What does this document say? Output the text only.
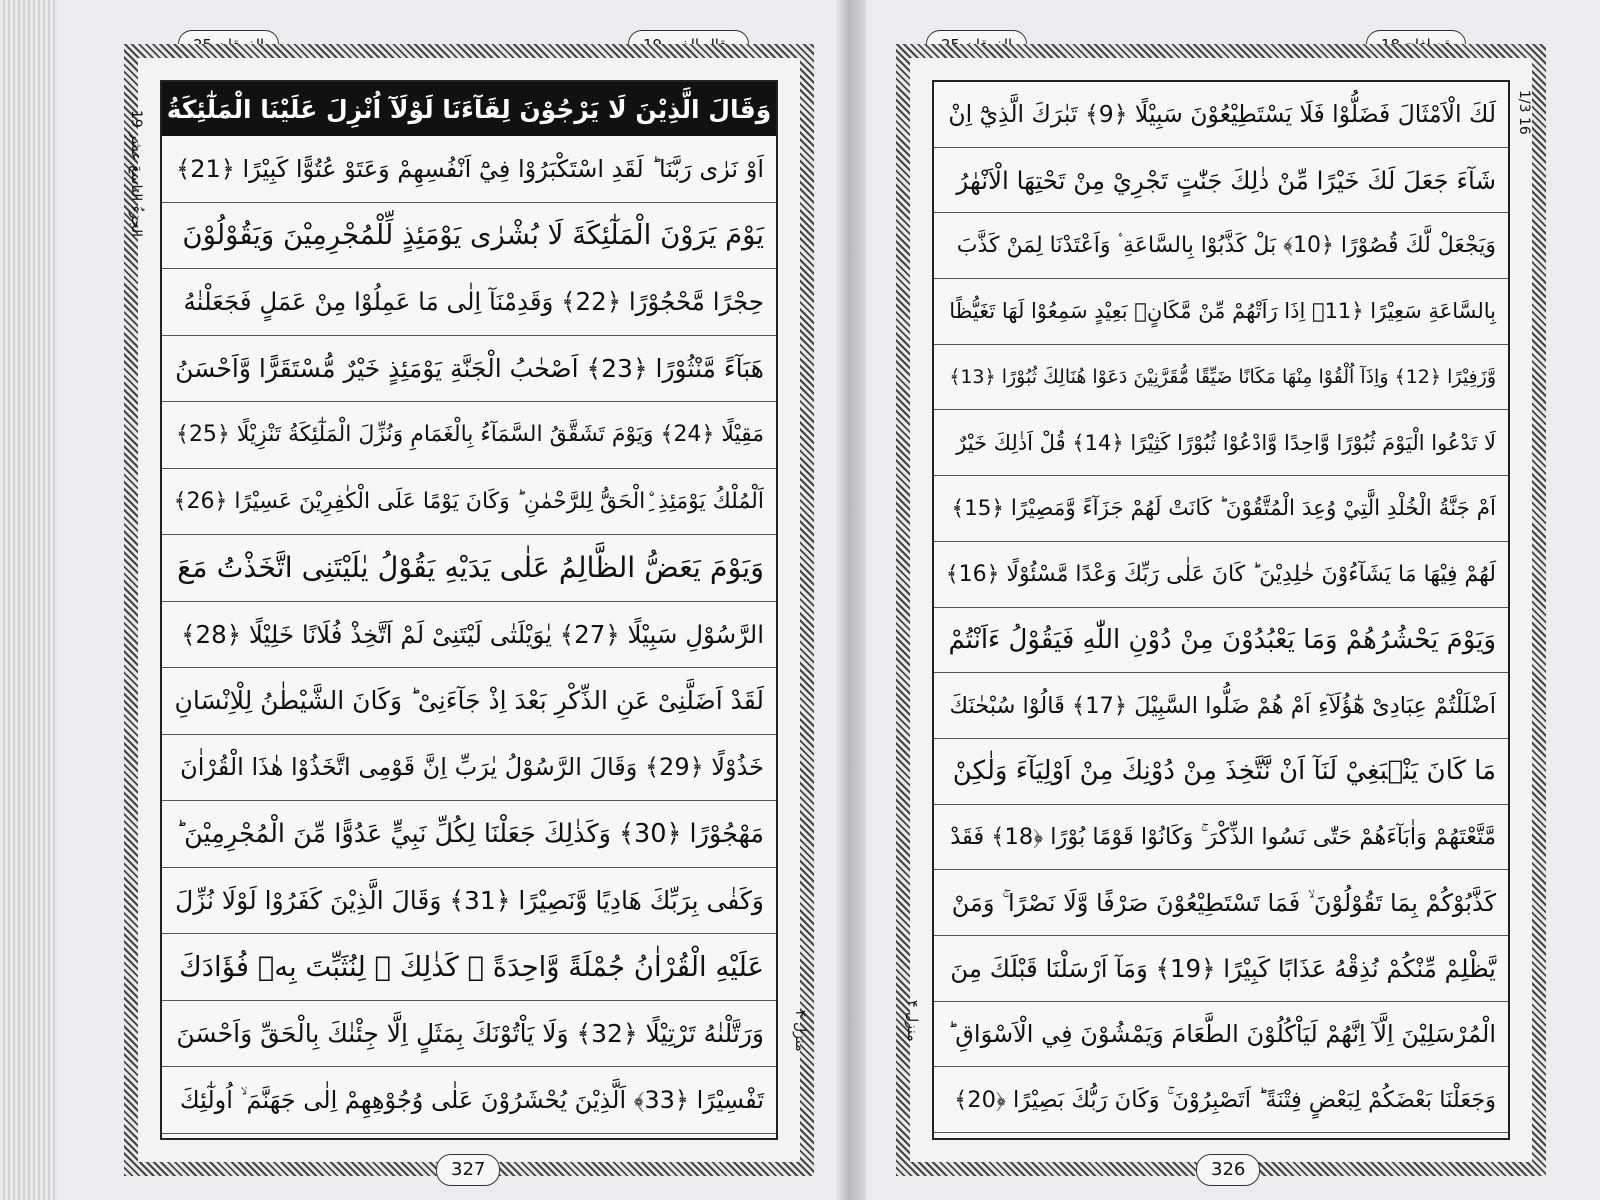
وَقَالَ الَّذِيْنَ لَا يَرْجُوْنَ لِقَآءَنَا لَوْلَآ اُنْزِلَ عَلَيْنَا الْمَلٰٓئِكَةُ
اَوْ نَرٰى رَبَّنَا ؕ لَقَدِ اسْتَكْبَرُوْا فِيْٓ اَنْفُسِهِمْ وَعَتَوْ عُتُوًّا كَبِيْرًا ﴿21﴾
يَوْمَ يَرَوْنَ الْمَلٰٓئِكَةَ لَا بُشْرٰى يَوْمَئِذٍ لِّلْمُجْرِمِيْنَ وَيَقُوْلُوْنَ
حِجْرًا مَّحْجُوْرًا ﴿22﴾ وَقَدِمْنَآ اِلٰى مَا عَمِلُوْا مِنْ عَمَلٍ فَجَعَلْنٰهُ
هَبَآءً مَّنْثُوْرًا ﴿23﴾ اَصْحٰبُ الْجَنَّةِ يَوْمَئِذٍ خَيْرٌ مُّسْتَقَرًّا وَّاَحْسَنُ
مَقِيْلًا ﴿24﴾ وَيَوْمَ تَشَقَّقُ السَّمَآءُ بِالْغَمَامِ وَنُزِّلَ الْمَلٰٓئِكَةُ تَنْزِيْلًا ﴿25﴾
اَلْمُلْكُ يَوْمَئِذِ ِۨالْحَقُّ لِلرَّحْمٰنِ ؕ وَكَانَ يَوْمًا عَلَى الْكٰفِرِيْنَ عَسِيْرًا ﴿26﴾
وَيَوْمَ يَعَضُّ الظَّالِمُ عَلٰى يَدَيْهِ يَقُوْلُ يٰلَيْتَنِى اتَّخَذْتُ مَعَ
الرَّسُوْلِ سَبِيْلًا ﴿27﴾ يٰوَيْلَتٰى لَيْتَنِىْ لَمْ اَتَّخِذْ فُلَانًا خَلِيْلًا ﴿28﴾
لَقَدْ اَضَلَّنِىْ عَنِ الذِّكْرِ بَعْدَ اِذْ جَآءَنِىْ ؕ وَكَانَ الشَّيْطٰنُ لِلْاِنْسَانِ
خَذُوْلًا ﴿29﴾ وَقَالَ الرَّسُوْلُ يٰرَبِّ اِنَّ قَوْمِى اتَّخَذُوْا هٰذَا الْقُرْاٰنَ
مَهْجُوْرًا ﴿30﴾ وَكَذٰلِكَ جَعَلْنَا لِكُلِّ نَبِيٍّ عَدُوًّا مِّنَ الْمُجْرِمِيْنَ ؕ
وَكَفٰى بِرَبِّكَ هَادِيًا وَّنَصِيْرًا ﴿31﴾ وَقَالَ الَّذِيْنَ كَفَرُوْا لَوْلَا نُزِّلَ
عَلَيْهِ الْقُرْاٰنُ جُمْلَةً وَّاحِدَةً ۛ كَذٰلِكَ ۛ لِنُثَبِّتَ بِهٖ فُؤَادَكَ
وَرَتَّلْنٰهُ تَرْتِيْلًا ﴿32﴾ وَلَا يَاْتُوْنَكَ بِمَثَلٍ اِلَّا جِئْنٰكَ بِالْحَقِّ وَاَحْسَنَ
تَفْسِيْرًا ﴿33﴾ اَلَّذِيْنَ يُحْشَرُوْنَ عَلٰى وُجُوْهِهِمْ اِلٰى جَهَنَّمَ ۙ اُولٰٓئِكَ
الجزءُ التاسعَ عشر 19
منزل ۴
327
لَكَ الْاَمْثَالَ فَضَلُّوْا فَلَا يَسْتَطِيْعُوْنَ سَبِيْلًا ﴿9﴾ تَبٰرَكَ الَّذِيْٓ اِنْ
شَآءَ جَعَلَ لَكَ خَيْرًا مِّنْ ذٰلِكَ جَنّٰتٍ تَجْرِيْ مِنْ تَحْتِهَا الْاَنْهٰرُ
وَيَجْعَلْ لَّكَ قُصُوْرًا ﴿10﴾ بَلْ كَذَّبُوْا بِالسَّاعَةِ ۟ وَاَعْتَدْنَا لِمَنْ كَذَّبَ
بِالسَّاعَةِ سَعِيْرًا ﴿11﴾ اِذَا رَاَتْهُمْ مِّنْ مَّكَانٍۢ بَعِيْدٍ سَمِعُوْا لَهَا تَغَيُّظًا
وَّزَفِيْرًا ﴿12﴾ وَاِذَآ اُلْقُوْا مِنْهَا مَكَانًا ضَيِّقًا مُّقَرَّنِيْنَ دَعَوْا هُنَالِكَ ثُبُوْرًا ﴿13﴾
لَا تَدْعُوا الْيَوْمَ ثُبُوْرًا وَّاحِدًا وَّادْعُوْا ثُبُوْرًا كَثِيْرًا ﴿14﴾ قُلْ اَذٰلِكَ خَيْرٌ
اَمْ جَنَّةُ الْخُلْدِ الَّتِيْ وُعِدَ الْمُتَّقُوْنَ ؕ كَانَتْ لَهُمْ جَزَآءً وَّمَصِيْرًا ﴿15﴾
لَهُمْ فِيْهَا مَا يَشَآءُوْنَ خٰلِدِيْنَ ؕ كَانَ عَلٰى رَبِّكَ وَعْدًا مَّسْئُوْلًا ﴿16﴾
وَيَوْمَ يَحْشُرُهُمْ وَمَا يَعْبُدُوْنَ مِنْ دُوْنِ اللّٰهِ فَيَقُوْلُ ءَاَنْتُمْ
اَضْلَلْتُمْ عِبَادِىْ هٰٓؤُلَآءِ اَمْ هُمْ ضَلُّوا السَّبِيْلَ ﴿17﴾ قَالُوْا سُبْحٰنَكَ
مَا كَانَ يَنْۢبَغِيْ لَنَآ اَنْ نَّتَّخِذَ مِنْ دُوْنِكَ مِنْ اَوْلِيَآءَ وَلٰكِنْ
مَّتَّعْتَهُمْ وَاٰبَآءَهُمْ حَتّٰى نَسُوا الذِّكْرَ ۚ وَكَانُوْا قَوْمًا بُوْرًا ﴿18﴾ فَقَدْ
كَذَّبُوْكُمْ بِمَا تَقُوْلُوْنَ ۙ فَمَا تَسْتَطِيْعُوْنَ صَرْفًا وَّلَا نَصْرًا ۚ وَمَنْ
يَّظْلِمْ مِّنْكُمْ نُذِقْهُ عَذَابًا كَبِيْرًا ﴿19﴾ وَمَآ اَرْسَلْنَا قَبْلَكَ مِنَ
الْمُرْسَلِيْنَ اِلَّآ اِنَّهُمْ لَيَاْكُلُوْنَ الطَّعَامَ وَيَمْشُوْنَ فِي الْاَسْوَاقِ ؕ
وَجَعَلْنَا بَعْضَكُمْ لِبَعْضٍ فِتْنَةً ؕ اَتَصْبِرُوْنَ ۚ وَكَانَ رَبُّكَ بَصِيْرًا ﴿20﴾
1/3 16
منزل ۴
326
